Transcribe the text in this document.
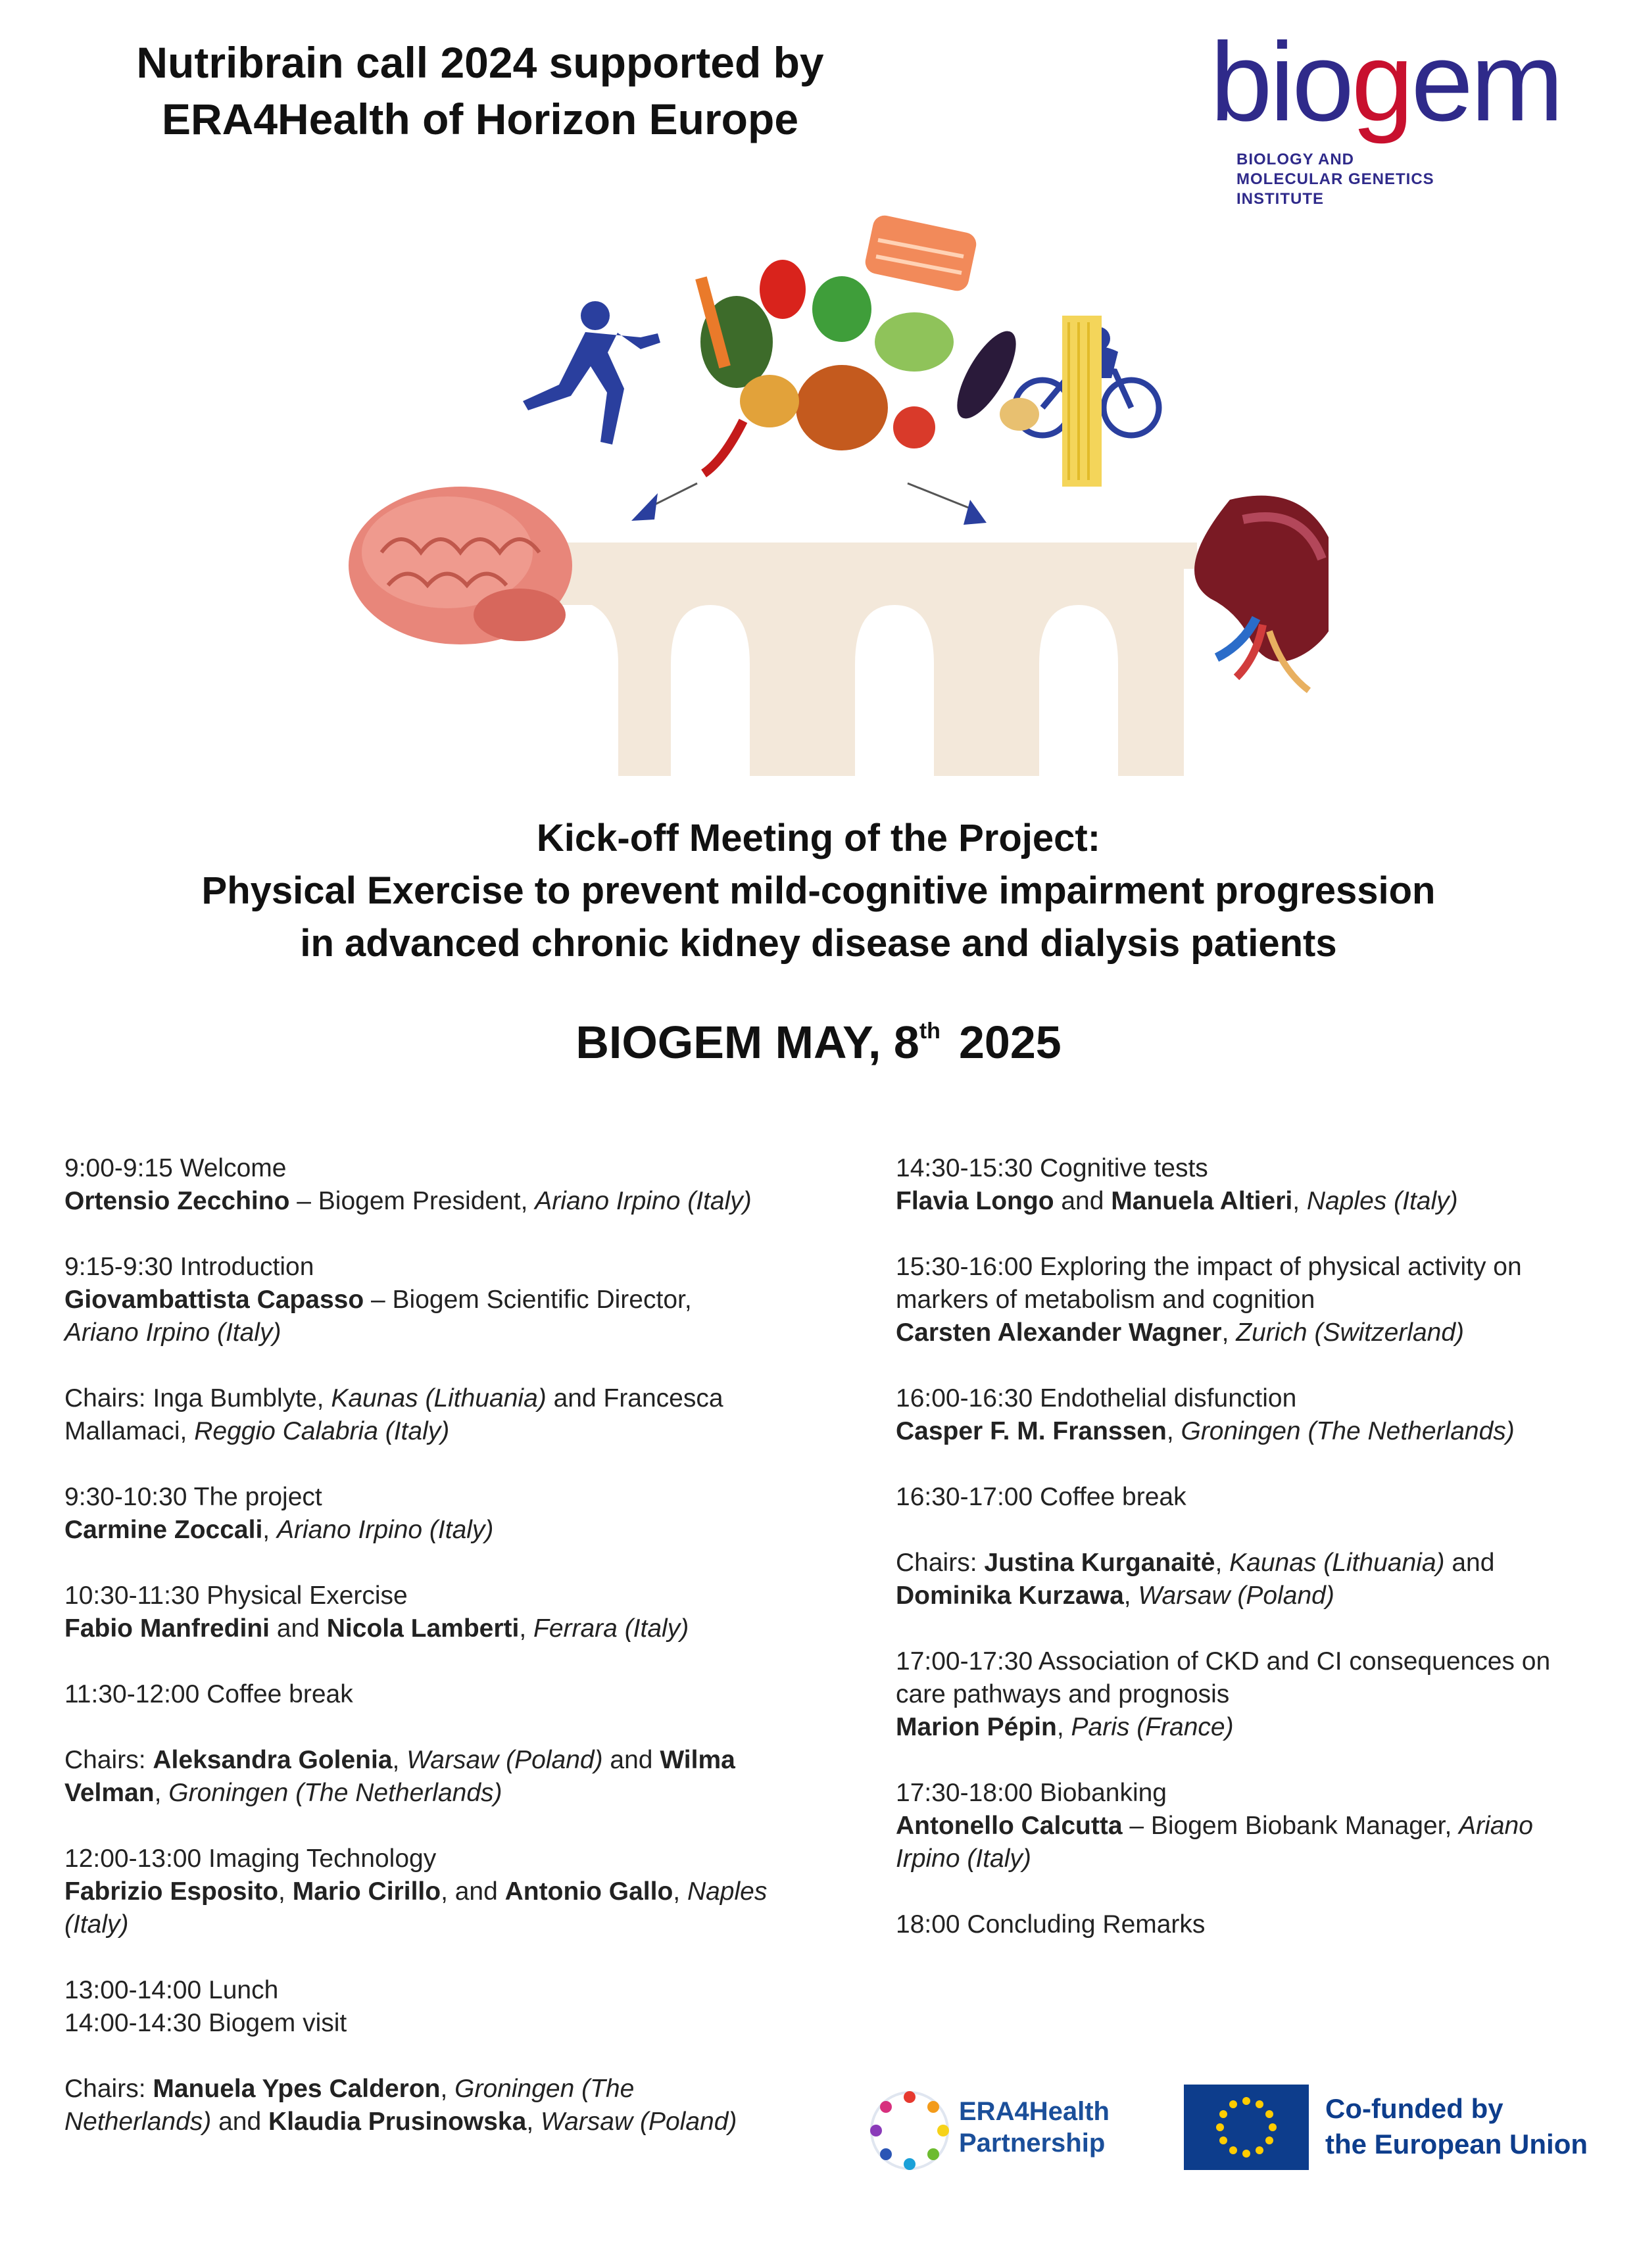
Nutribrain call 2024 supported by
ERA4Health of Horizon Europe	biogem
BIOLOGY AND
MOLECULAR GENETICS
INSTITUTE
Kick-off Meeting of the Project:
Physical Exercise to prevent mild-cognitive impairment progression
in advanced chronic kidney disease and dialysis patients
BIOGEM MAY, 8th 2025
9:00-9:15 Welcome
Ortensio Zecchino – Biogem President, Ariano Irpino (Italy)
9:15-9:30 Introduction
Giovambattista Capasso – Biogem Scientific Director,
Ariano Irpino (Italy)
Chairs: Inga Bumblyte, Kaunas (Lithuania) and Francesca
Mallamaci, Reggio Calabria (Italy)
9:30-10:30 The project
Carmine Zoccali, Ariano Irpino (Italy)
10:30-11:30 Physical Exercise
Fabio Manfredini and Nicola Lamberti, Ferrara (Italy)
11:30-12:00 Coffee break
Chairs: Aleksandra Golenia, Warsaw (Poland) and Wilma
Velman, Groningen (The Netherlands)
12:00-13:00 Imaging Technology
Fabrizio Esposito, Mario Cirillo, and Antonio Gallo, Naples
(Italy)
13:00-14:00 Lunch
14:00-14:30 Biogem visit
Chairs: Manuela Ypes Calderon, Groningen (The
Netherlands) and Klaudia Prusinowska, Warsaw (Poland)
14:30-15:30 Cognitive tests
Flavia Longo and Manuela Altieri, Naples (Italy)
15:30-16:00 Exploring the impact of physical activity on
markers of metabolism and cognition
Carsten Alexander Wagner, Zurich (Switzerland)
16:00-16:30 Endothelial disfunction
Casper F. M. Franssen, Groningen (The Netherlands)
16:30-17:00 Coffee break
Chairs: Justina Kurganaitė, Kaunas (Lithuania) and
Dominika Kurzawa, Warsaw (Poland)
17:00-17:30 Association of CKD and CI consequences on
care pathways and prognosis
Marion Pépin, Paris (France)
17:30-18:00 Biobanking
Antonello Calcutta – Biogem Biobank Manager, Ariano
Irpino (Italy)
18:00 Concluding Remarks
ERA4Health
Partnership
Co-funded by
the European Union
